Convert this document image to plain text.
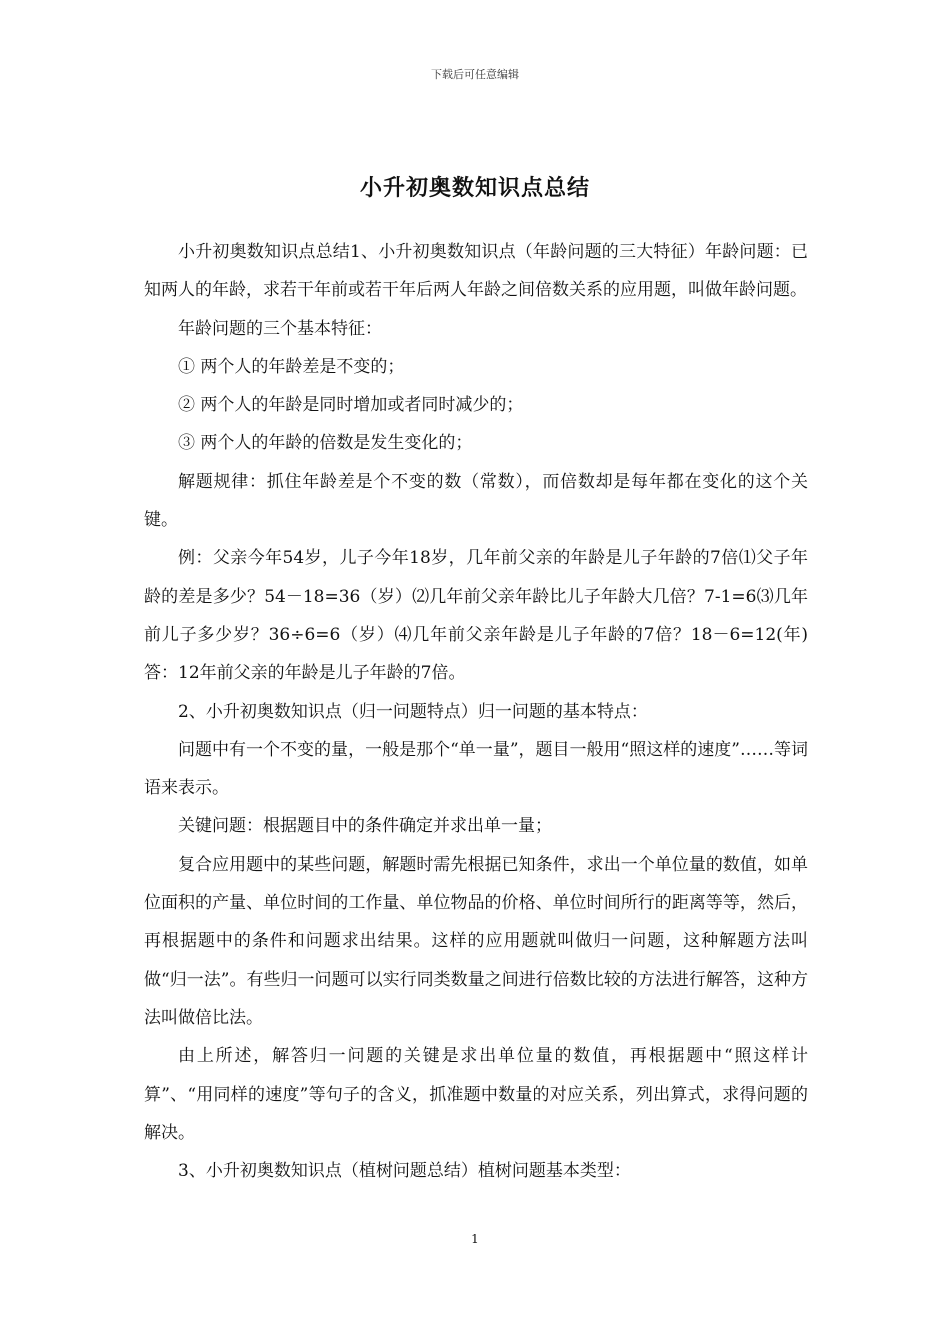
下载后可任意编辑
小升初奥数知识点总结

小升初奥数知识点总结1、小升初奥数知识点（年龄问题的三大特征）年龄问题：已知两人的年龄，求若干年前或若干年后两人年龄之间倍数关系的应用题，叫做年龄问题。

年龄问题的三个基本特征：

① 两个人的年龄差是不变的；

② 两个人的年龄是同时增加或者同时减少的；

③ 两个人的年龄的倍数是发生变化的；

解题规律：抓住年龄差是个不变的数（常数），而倍数却是每年都在变化的这个关键。

例：父亲今年54岁，儿子今年18岁，几年前父亲的年龄是儿子年龄的7倍⑴父子年龄的差是多少？54－18=36（岁）⑵几年前父亲年龄比儿子年龄大几倍？7-1=6⑶几年前儿子多少岁？36÷6=6（岁）⑷几年前父亲年龄是儿子年龄的7倍？18－6=12(年)答：12年前父亲的年龄是儿子年龄的7倍。

2、小升初奥数知识点（归一问题特点）归一问题的基本特点：

问题中有一个不变的量，一般是那个“单一量”，题目一般用“照这样的速度”……等词语来表示。

关键问题：根据题目中的条件确定并求出单一量；

复合应用题中的某些问题，解题时需先根据已知条件，求出一个单位量的数值，如单位面积的产量、单位时间的工作量、单位物品的价格、单位时间所行的距离等等，然后，再根据题中的条件和问题求出结果。这样的应用题就叫做归一问题，这种解题方法叫做“归一法”。有些归一问题可以实行同类数量之间进行倍数比较的方法进行解答，这种方法叫做倍比法。

由上所述，解答归一问题的关键是求出单位量的数值，再根据题中“照这样计算”、“用同样的速度”等句子的含义，抓准题中数量的对应关系，列出算式，求得问题的解决。

3、小升初奥数知识点（植树问题总结）植树问题基本类型：

1
